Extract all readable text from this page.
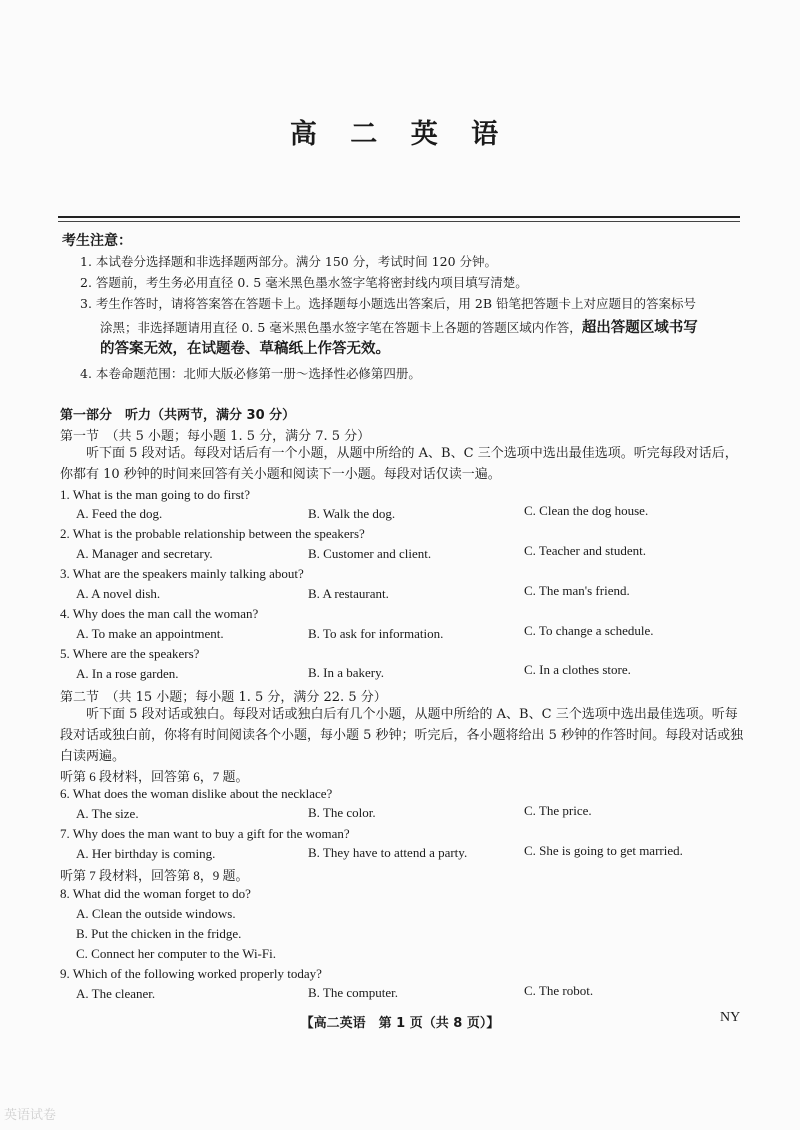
高 二 英 语
考生注意：
1. 本试卷分选择题和非选择题两部分。满分 150 分，考试时间 120 分钟。
2. 答题前，考生务必用直径 0. 5 毫米黑色墨水签字笔将密封线内项目填写清楚。
3. 考生作答时，请将答案答在答题卡上。选择题每小题选出答案后，用 2B 铅笔把答题卡上对应题目的答案标号
涂黑；非选择题请用直径 0. 5 毫米黑色墨水签字笔在答题卡上各题的答题区域内作答，超出答题区域书写
的答案无效，在试题卷、草稿纸上作答无效。
4. 本卷命题范围：北师大版必修第一册～选择性必修第四册。
第一部分　听力（共两节，满分 30 分）
第一节　（共 5 小题；每小题 1. 5 分，满分 7. 5 分）
听下面 5 段对话。每段对话后有一个小题，从题中所给的 A、B、C 三个选项中选出最佳选项。听完每段对话后，你都有 10 秒钟的时间来回答有关小题和阅读下一小题。每段对话仅读一遍。
1. What is the man going to do first?
A. Feed the dog.	B. Walk the dog.	C. Clean the dog house.
2. What is the probable relationship between the speakers?
A. Manager and secretary.	B. Customer and client.	C. Teacher and student.
3. What are the speakers mainly talking about?
A. A novel dish.	B. A restaurant.	C. The man's friend.
4. Why does the man call the woman?
A. To make an appointment.	B. To ask for information.	C. To change a schedule.
5. Where are the speakers?
A. In a rose garden.	B. In a bakery.	C. In a clothes store.
第二节　（共 15 小题；每小题 1. 5 分，满分 22. 5 分）
听下面 5 段对话或独白。每段对话或独白后有几个小题，从题中所给的 A、B、C 三个选项中选出最佳选项。听每段对话或独白前，你将有时间阅读各个小题，每小题 5 秒钟；听完后，各小题将给出 5 秒钟的作答时间。每段对话或独白读两遍。
听第 6 段材料，回答第 6，7 题。
6. What does the woman dislike about the necklace?
A. The size.	B. The color.	C. The price.
7. Why does the man want to buy a gift for the woman?
A. Her birthday is coming.	B. They have to attend a party.	C. She is going to get married.
听第 7 段材料，回答第 8，9 题。
8. What did the woman forget to do?
A. Clean the outside windows.
B. Put the chicken in the fridge.
C. Connect her computer to the Wi-Fi.
9. Which of the following worked properly today?
A. The cleaner.	B. The computer.	C. The robot.
【高二英语　第 1 页（共 8 页）】	NY
英语试卷
